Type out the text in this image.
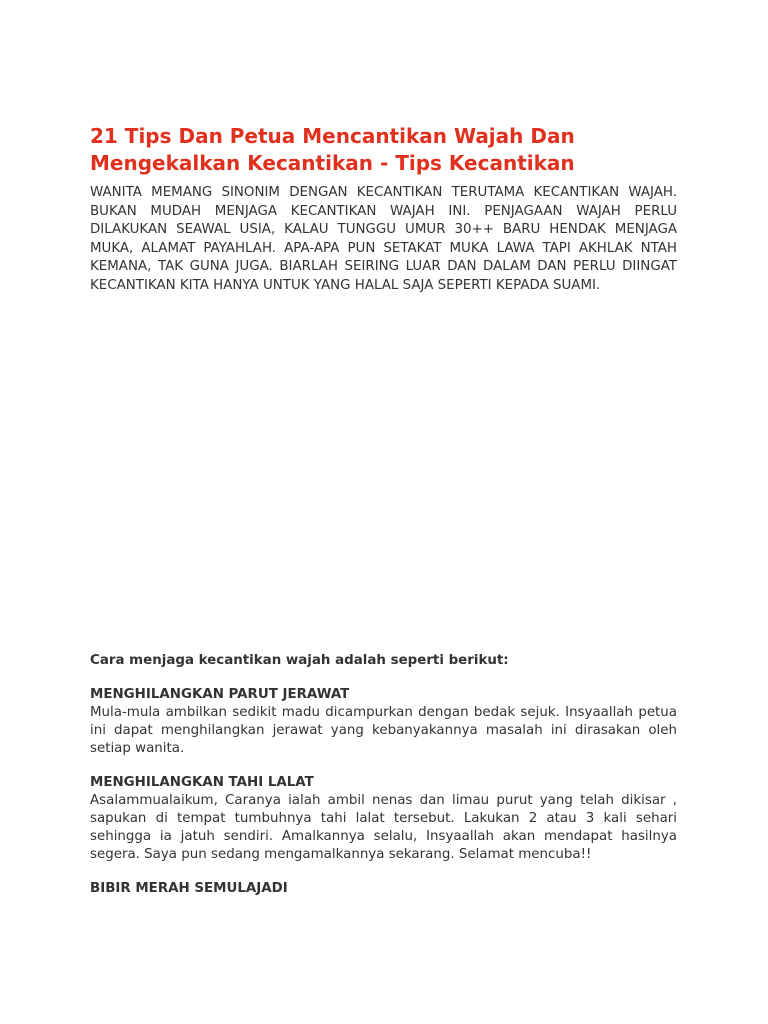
21 Tips Dan Petua Mencantikan Wajah Dan Mengekalkan Kecantikan - Tips Kecantikan

WANITA MEMANG SINONIM DENGAN KECANTIKAN TERUTAMA KECANTIKAN WAJAH. BUKAN MUDAH MENJAGA KECANTIKAN WAJAH INI. PENJAGAAN WAJAH PERLU DILAKUKAN SEAWAL USIA, KALAU TUNGGU UMUR 30++ BARU HENDAK MENJAGA MUKA, ALAMAT PAYAHLAH. APA-APA PUN SETAKAT MUKA LAWA TAPI AKHLAK NTAH KEMANA, TAK GUNA JUGA. BIARLAH SEIRING LUAR DAN DALAM DAN PERLU DIINGAT KECANTIKAN KITA HANYA UNTUK YANG HALAL SAJA SEPERTI KEPADA SUAMI.

Cara menjaga kecantikan wajah adalah seperti berikut:

MENGHILANGKAN PARUT JERAWAT

Mula-mula ambilkan sedikit madu dicampurkan dengan bedak sejuk. Insyaallah petua ini dapat menghilangkan jerawat yang kebanyakannya masalah ini dirasakan oleh setiap wanita.

MENGHILANGKAN TAHI LALAT

Asalammualaikum, Caranya ialah ambil nenas dan limau purut yang telah dikisar , sapukan di tempat tumbuhnya tahi lalat tersebut. Lakukan 2 atau 3 kali sehari sehingga ia jatuh sendiri. Amalkannya selalu, Insyaallah akan mendapat hasilnya segera. Saya pun sedang mengamalkannya sekarang. Selamat mencuba!!

BIBIR MERAH SEMULAJADI
